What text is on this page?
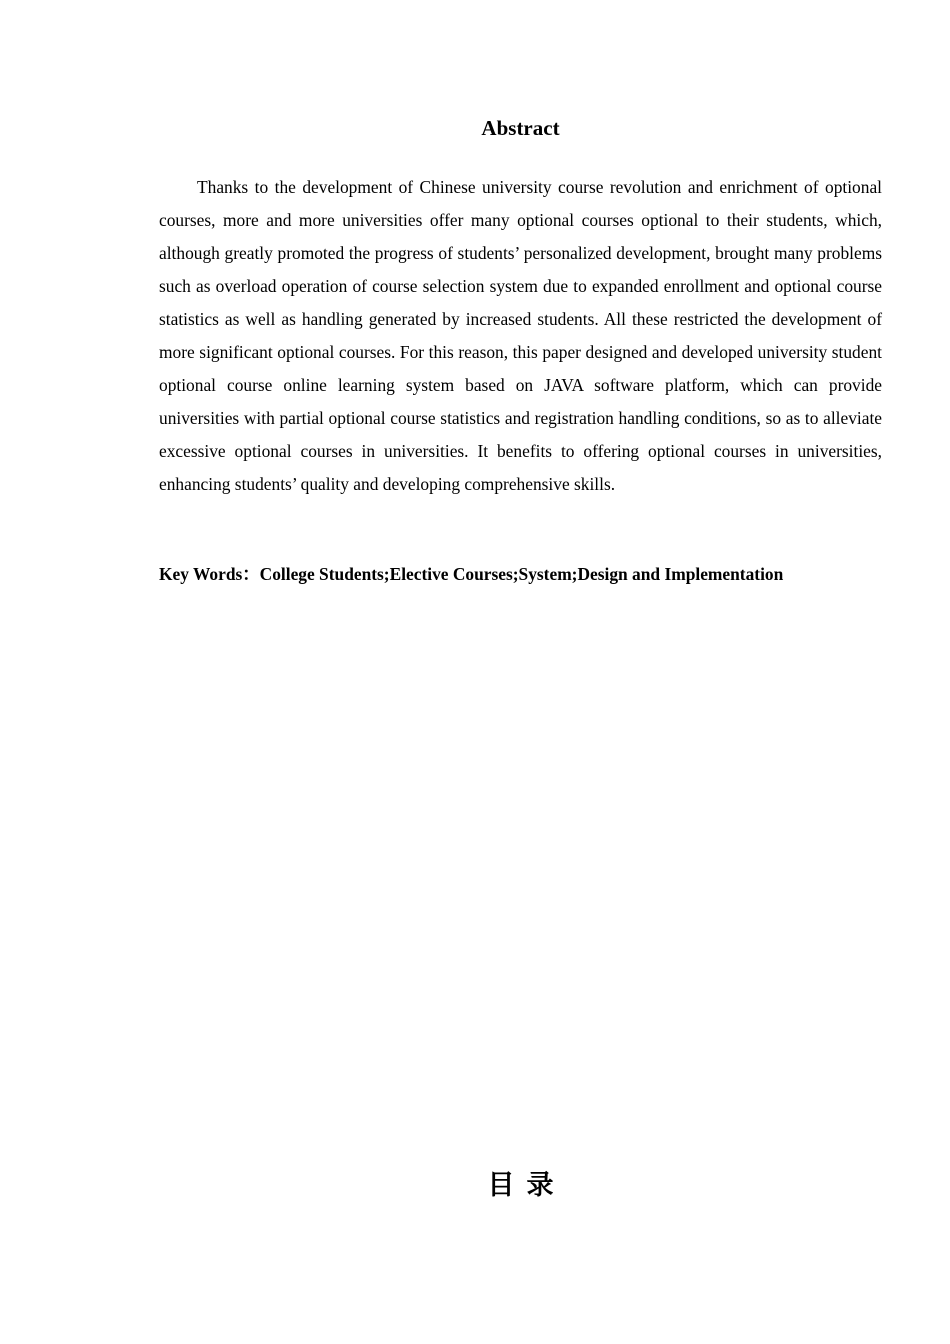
Abstract

Thanks to the development of Chinese university course revolution and enrichment of optional courses, more and more universities offer many optional courses optional to their students, which, although greatly promoted the progress of students’ personalized development, brought many problems such as overload operation of course selection system due to expanded enrollment and optional course statistics as well as handling generated by increased students. All these restricted the development of more significant optional courses. For this reason, this paper designed and developed university student optional course online learning system based on JAVA software platform, which can provide universities with partial optional course statistics and registration handling conditions, so as to alleviate excessive optional courses in universities. It benefits to offering optional courses in universities, enhancing students’ quality and developing comprehensive skills.

Key Words：College Students;Elective Courses;System;Design and Implementation

目录
